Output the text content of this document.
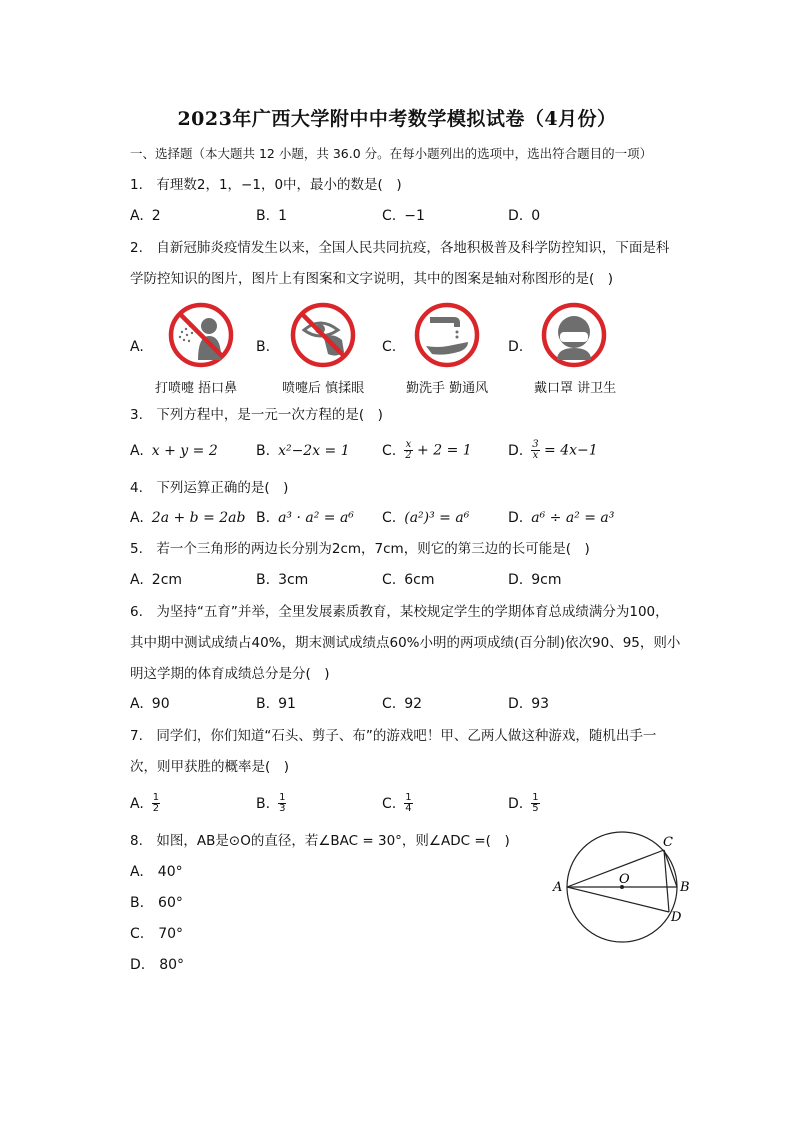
2023年广西大学附中中考数学模拟试卷（4月份）
一、选择题（本大题共 12 小题，共 36.0 分。在每小题列出的选项中，选出符合题目的一项）
1.　有理数2，1，−1，0中，最小的数是(　)
A. 2	B. 1	C. −1	D. 0
2.　自新冠肺炎疫情发生以来，全国人民共同抗疫，各地积极普及科学防控知识，下面是科
学防控知识的图片，图片上有图案和文字说明，其中的图案是轴对称图形的是(　)
A.	B.	C.	D.
打喷嚏 捂口鼻	喷嚏后 慎揉眼	勤洗手 勤通风	戴口罩 讲卫生
3.　下列方程中，是一元一次方程的是(　)
A. x + y = 2	B. x²−2x = 1 C. $\frac{x}{2} + 2 = 1$	D. $\frac{3}{x} = 4x-1$
4.　下列运算正确的是(　)
A. 2a + b = 2ab B. a³ · a² = a⁶ C. (a²)³ = a⁶	D. a⁶ ÷ a² = a³
5.　若一个三角形的两边长分别为2cm，7cm，则它的第三边的长可能是(　)
A. 2cm	B. 3cm	C. 6cm	D. 9cm
6.　为坚持“五育”并举，全里发展素质教育，某校规定学生的学期体育总成绩满分为100，
其中期中测试成绩占40%，期末测试成绩点60%小明的两项成绩(百分制)依次90、95，则小
明这学期的体育成绩总分是分(　)
A. 90	B. 91	C. 92	D. 93
7.　同学们，你们知道“石头、剪子、布”的游戏吧！甲、乙两人做这种游戏，随机出手一
次，则甲获胜的概率是(　)
A. $\frac{1}{2}$	B. $\frac{1}{3}$	C. $\frac{1}{4}$	D. $\frac{1}{5}$
8.　如图，AB是⊙O的直径，若∠BAC = 30°，则∠ADC =(　)
A.　40°
B.　60°
C.　70°
D.　80°
A	B
C
D
O
